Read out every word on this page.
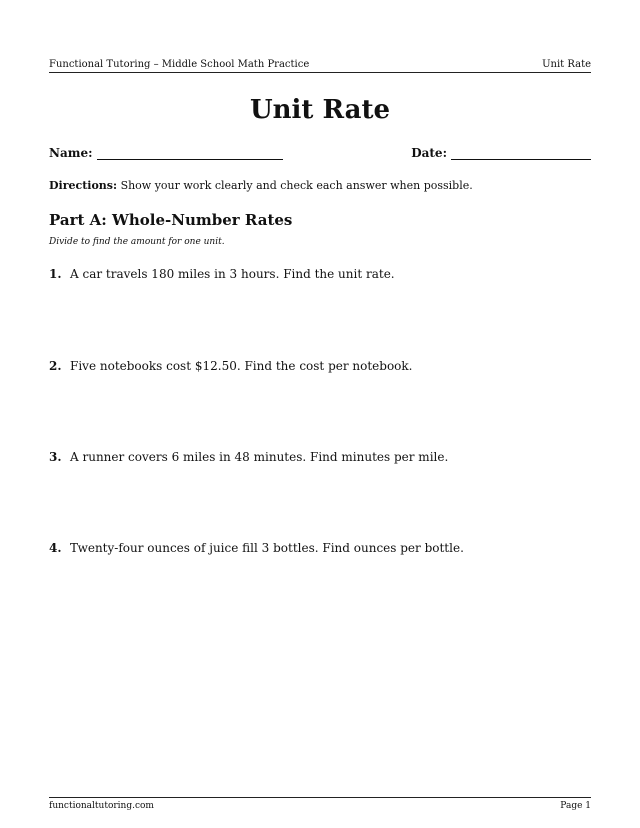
Functional Tutoring – Middle School Math Practice	Unit Rate
Unit Rate
Name:	Date:
Directions: Show your work clearly and check each answer when possible.
Part A: Whole-Number Rates
Divide to find the amount for one unit.
1. A car travels 180 miles in 3 hours. Find the unit rate.
2. Five notebooks cost $12.50. Find the cost per notebook.
3. A runner covers 6 miles in 48 minutes. Find minutes per mile.
4. Twenty-four ounces of juice fill 3 bottles. Find ounces per bottle.
functionaltutoring.com	Page 1
